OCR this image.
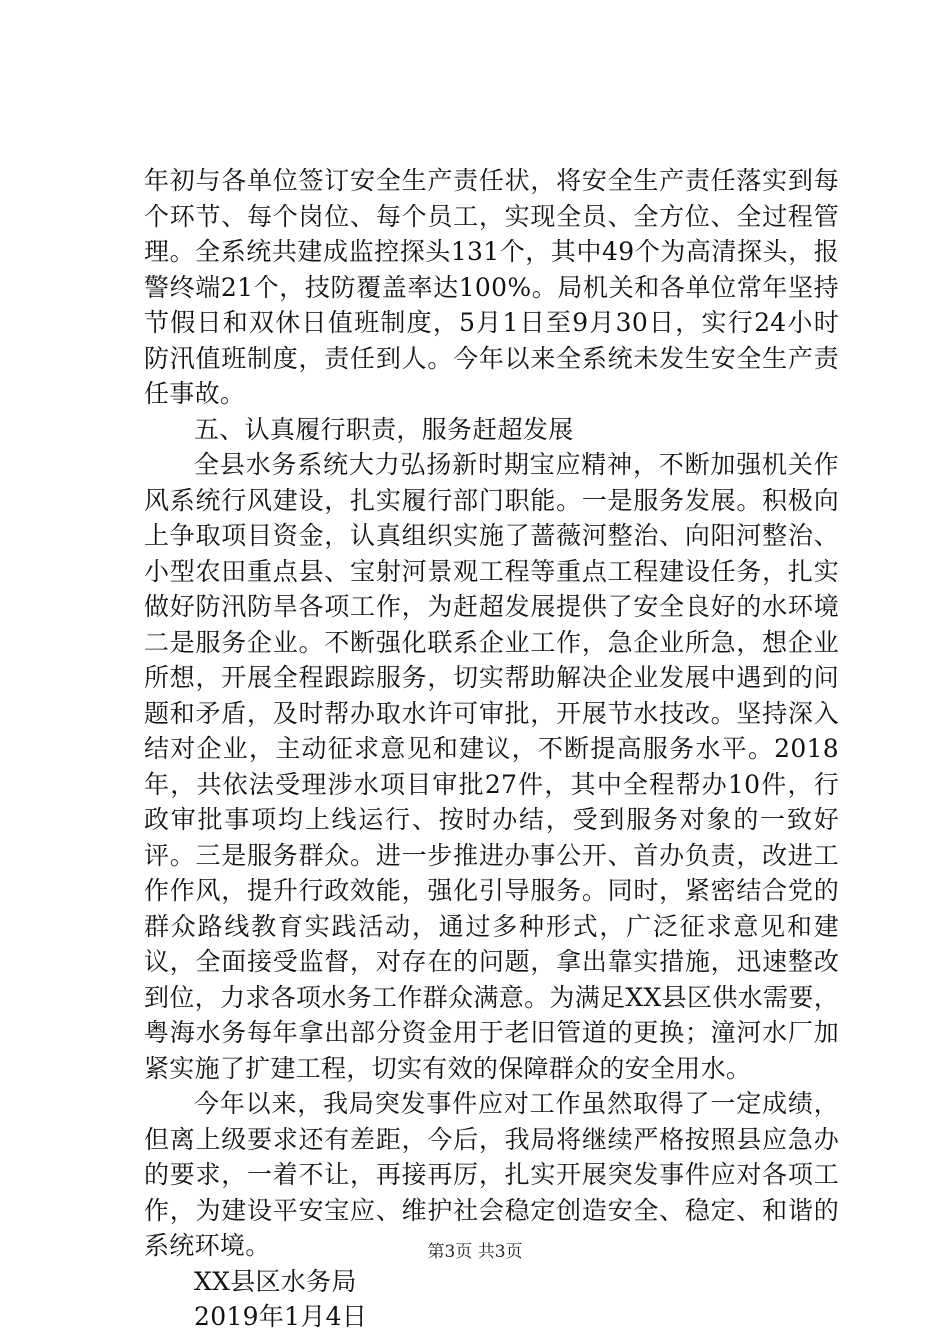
年初与各单位签订安全生产责任状，将安全生产责任落实到每个环节、每个岗位、每个员工，实现全员、全方位、全过程管理。全系统共建成监控探头131个，其中49个为高清探头，报警终端21个，技防覆盖率达100%。局机关和各单位常年坚持节假日和双休日值班制度，5月1日至9月30日，实行24小时防汛值班制度，责任到人。今年以来全系统未发生安全生产责任事故。

五、认真履行职责，服务赶超发展

全县水务系统大力弘扬新时期宝应精神，不断加强机关作风系统行风建设，扎实履行部门职能。一是服务发展。积极向上争取项目资金，认真组织实施了蔷薇河整治、向阳河整治、小型农田重点县、宝射河景观工程等重点工程建设任务，扎实做好防汛防旱各项工作，为赶超发展提供了安全良好的水环境二是服务企业。不断强化联系企业工作，急企业所急，想企业所想，开展全程跟踪服务，切实帮助解决企业发展中遇到的问题和矛盾，及时帮办取水许可审批，开展节水技改。坚持深入结对企业，主动征求意见和建议，不断提高服务水平。2018年，共依法受理涉水项目审批27件，其中全程帮办10件，行政审批事项均上线运行、按时办结，受到服务对象的一致好评。三是服务群众。进一步推进办事公开、首办负责，改进工作作风，提升行政效能，强化引导服务。同时，紧密结合党的群众路线教育实践活动，通过多种形式，广泛征求意见和建议，全面接受监督，对存在的问题，拿出靠实措施，迅速整改到位，力求各项水务工作群众满意。为满足XX县区供水需要，粤海水务每年拿出部分资金用于老旧管道的更换；潼河水厂加紧实施了扩建工程，切实有效的保障群众的安全用水。

今年以来，我局突发事件应对工作虽然取得了一定成绩，但离上级要求还有差距，今后，我局将继续严格按照县应急办的要求，一着不让，再接再厉，扎实开展突发事件应对各项工作，为建设平安宝应、维护社会稳定创造安全、稳定、和谐的系统环境。

XX县区水务局

2019年1月4日

第3页 共3页
